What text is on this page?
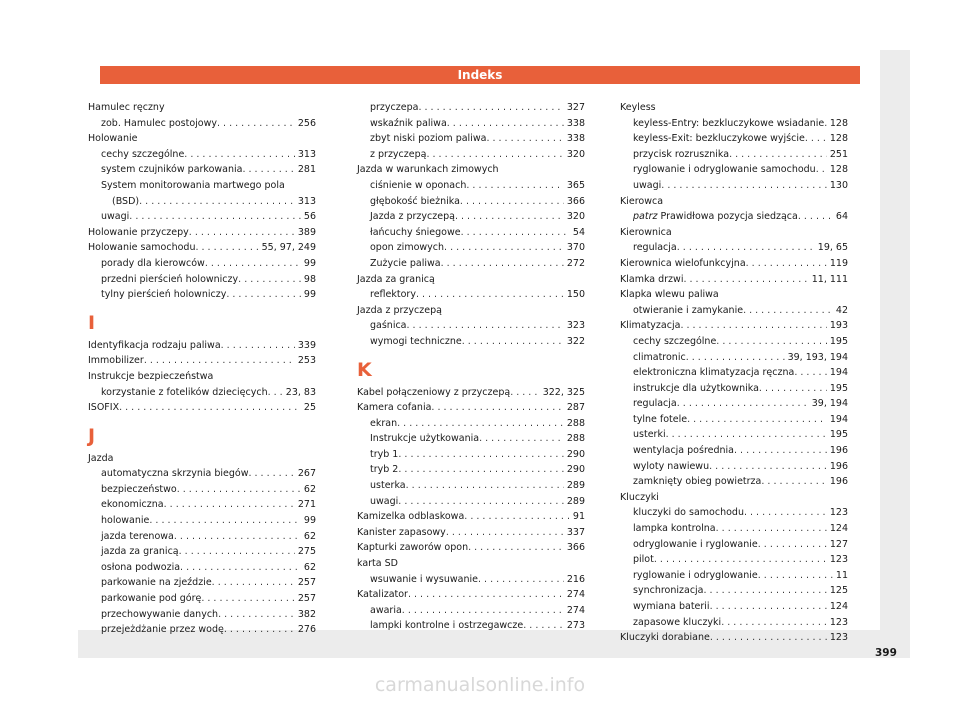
Indeks
Hamulec ręczny
zob. Hamulec postojowy . . .	256
Holowanie
cechy szczególne . . .	313
system czujników parkowania . . .	281
System monitorowania martwego pola
(BSD) . . .	313
uwagi . . .	56
Holowanie przyczepy . . .	389
Holowanie samochodu . . .	55, 97, 249
porady dla kierowców . . .	99
przedni pierścień holowniczy . . .	98
tylny pierścień holowniczy . . .	99
I
Identyfikacja rodzaju paliwa . . .	339
Immobilizer . . .	253
Instrukcje bezpieczeństwa
korzystanie z fotelików dziecięcych . . .	23, 83
ISOFIX . . .	25
J
Jazda
automatyczna skrzynia biegów . . .	267
bezpieczeństwo . . .	62
ekonomiczna . . .	271
holowanie . . .	99
jazda terenowa . . .	62
jazda za granicą . . .	275
osłona podwozia . . .	62
parkowanie na zjeździe . . .	257
parkowanie pod górę . . .	257
przechowywanie danych . . .	382
przejeżdżanie przez wodę . . .	276
przyczepa . . .	327
wskaźnik paliwa . . .	338
zbyt niski poziom paliwa . . .	338
z przyczepą . . .	320
Jazda w warunkach zimowych
ciśnienie w oponach . . .	365
głębokość bieżnika . . .	366
Jazda z przyczepą . . .	320
łańcuchy śniegowe . . .	54
opon zimowych . . .	370
Zużycie paliwa . . .	272
Jazda za granicą
reflektory . . .	150
Jazda z przyczepą
gaśnica . . .	323
wymogi techniczne . . .	322
K
Kabel połączeniowy z przyczepą . . .	322, 325
Kamera cofania . . .	287
ekran . . .	288
Instrukcje użytkowania . . .	288
tryb 1 . . .	290
tryb 2 . . .	290
usterka . . .	289
uwagi . . .	289
Kamizelka odblaskowa . . .	91
Kanister zapasowy . . .	337
Kapturki zaworów opon . . .	366
karta SD
wsuwanie i wysuwanie . . .	216
Katalizator . . .	274
awaria . . .	274
lampki kontrolne i ostrzegawcze . . .	273
Keyless
keyless-Entry: bezkluczykowe wsiadanie . . . 128
keyless-Exit: bezkluczykowe wyjście . . .	128
przycisk rozrusznika . . .	251
ryglowanie i odryglowanie samochodu . . .	128
uwagi . . .	130
Kierowca
patrz Prawidłowa pozycja siedząca . . .	64
Kierownica
regulacja . . .	19, 65
Kierownica wielofunkcyjna . . .	119
Klamka drzwi . . .	11, 111
Klapka wlewu paliwa
otwieranie i zamykanie . . .	42
Klimatyzacja . . .	193
cechy szczególne . . .	195
climatronic . . .	39, 193, 194
elektroniczna klimatyzacja ręczna . . .	194
instrukcje dla użytkownika . . .	195
regulacja . . .	39, 194
tylne fotele . . .	194
usterki . . .	195
wentylacja pośrednia . . .	196
wyloty nawiewu . . .	196
zamknięty obieg powietrza . . .	196
Kluczyki
kluczyki do samochodu . . .	123
lampka kontrolna . . .	124
odryglowanie i ryglowanie . . .	127
pilot . . .	123
ryglowanie i odryglowanie . . .	11
synchronizacja . . .	125
wymiana baterii . . .	124
zapasowe kluczyki . . .	123
Kluczyki dorabiane . . .	123
399
carmanualsonline.info
